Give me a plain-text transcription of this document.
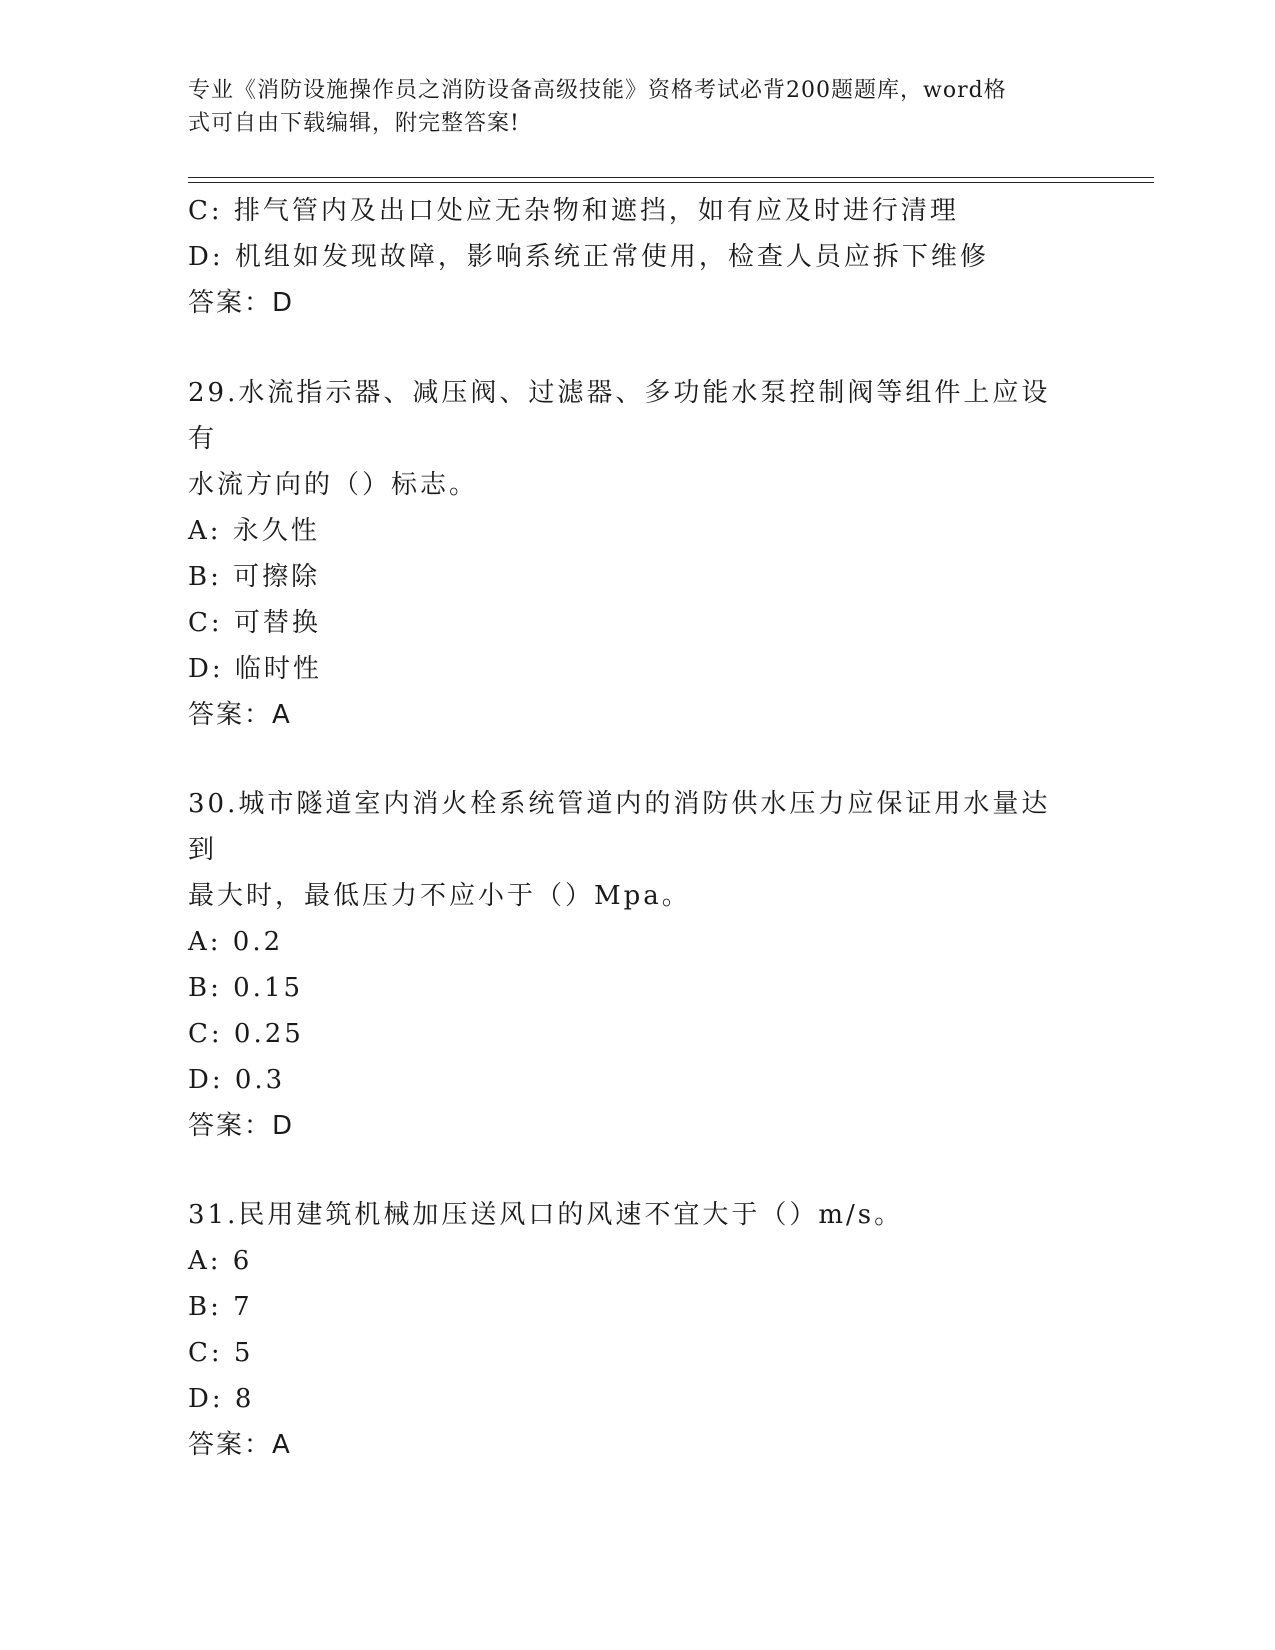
专业《消防设施操作员之消防设备高级技能》资格考试必背200题题库，word格
式可自由下载编辑，附完整答案!
C: 排气管内及出口处应无杂物和遮挡，如有应及时进行清理
D: 机组如发现故障，影响系统正常使用，检查人员应拆下维修
答案：D
29.水流指示器、减压阀、过滤器、多功能水泵控制阀等组件上应设有
水流方向的（）标志。
A: 永久性
B: 可擦除
C: 可替换
D: 临时性
答案：A
30.城市隧道室内消火栓系统管道内的消防供水压力应保证用水量达到
最大时，最低压力不应小于（）Mpa。
A: 0.2
B: 0.15
C: 0.25
D: 0.3
答案：D
31.民用建筑机械加压送风口的风速不宜大于（）m/s。
A: 6
B: 7
C: 5
D: 8
答案：A
